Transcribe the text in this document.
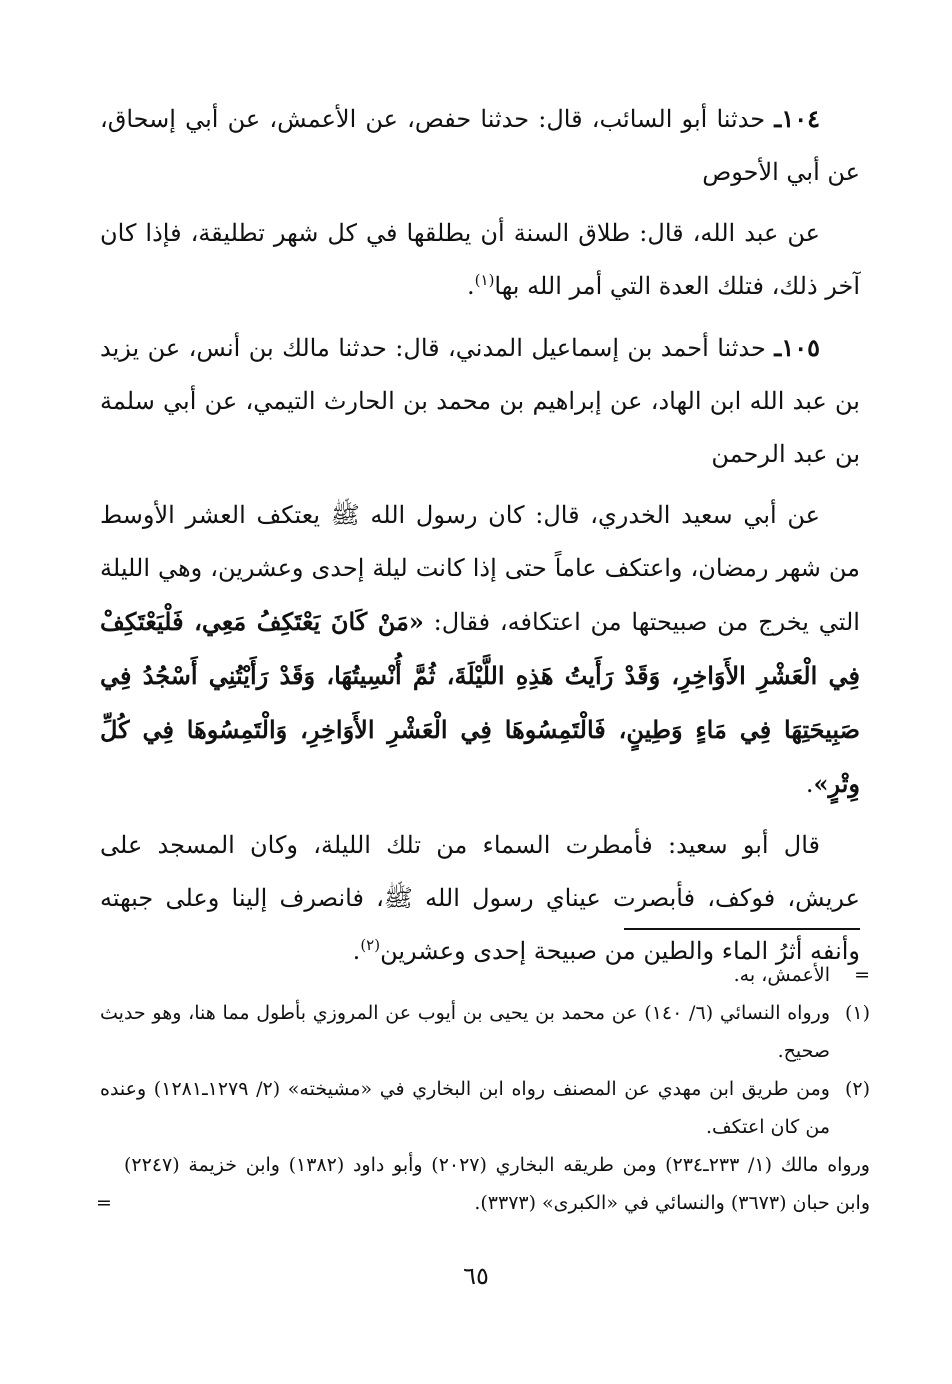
١٠٤ـ حدثنا أبو السائب، قال: حدثنا حفص، عن الأعمش، عن أبي إسحاق، عن أبي الأحوص

عن عبد الله، قال: طلاق السنة أن يطلقها في كل شهر تطليقة، فإذا كان آخر ذلك، فتلك العدة التي أمر الله بها$^{(١)}$.

١٠٥ـ حدثنا أحمد بن إسماعيل المدني، قال: حدثنا مالك بن أنس، عن يزيد بن عبد الله ابن الهاد، عن إبراهيم بن محمد بن الحارث التيمي، عن أبي سلمة بن عبد الرحمن

عن أبي سعيد الخدري، قال: كان رسول الله ﷺ يعتكف العشر الأوسط من شهر رمضان، واعتكف عاماً حتى إذا كانت ليلة إحدى وعشرين، وهي الليلة التي يخرج من صبيحتها من اعتكافه، فقال: «مَنْ كَانَ يَعْتَكِفُ مَعِي، فَلْيَعْتَكِفْ فِي الْعَشْرِ الأَوَاخِرِ، وَقَدْ رَأَيتُ هَذِهِ اللَّيْلَةَ، ثُمَّ أُنْسِيتُهَا، وَقَدْ رَأَيْتُنِي أَسْجُدُ فِي صَبِيحَتِهَا فِي مَاءٍ وَطِينٍ، فَالْتَمِسُوهَا فِي الْعَشْرِ الأَوَاخِرِ، وَالْتَمِسُوهَا فِي كُلِّ وِتْرٍ».

قال أبو سعيد: فأمطرت السماء من تلك الليلة، وكان المسجد على عريش، فوكف، فأبصرت عيناي رسول الله ﷺ، فانصرف إلينا وعلى جبهته وأنفه أثرُ الماء والطين من صبيحة إحدى وعشرين$^{(٢)}$.

=
الأعمش، به.
(١)
ورواه النسائي (٦/ ١٤٠) عن محمد بن يحيى بن أيوب عن المروزي بأطول مما هنا، وهو حديث صحيح.
(٢)
ومن طريق ابن مهدي عن المصنف رواه ابن البخاري في «مشيخته» (٢/ ١٢٧٩ـ١٢٨١) وعنده من كان اعتكف.
ورواه مالك (١/ ٢٣٣ـ٢٣٤) ومن طريقه البخاري (٢٠٢٧) وأبو داود (١٣٨٢) وابن خزيمة (٢٢٤٧) وابن حبان (٣٦٧٣) والنسائي في «الكبرى» (٣٣٧٣).
=
٦٥
